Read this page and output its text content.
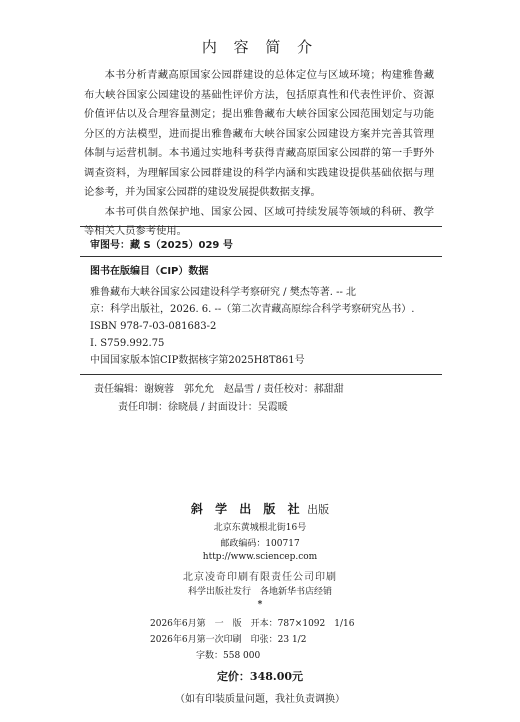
内 容 简 介

本书分析青藏高原国家公园群建设的总体定位与区域环境；构建雅鲁藏布大峡谷国家公园建设的基础性评价方法，包括原真性和代表性评价、资源价值评估以及合理容量测定；提出雅鲁藏布大峡谷国家公园范围划定与功能分区的方法模型，进而提出雅鲁藏布大峡谷国家公园建设方案并完善其管理体制与运营机制。本书通过实地科考获得青藏高原国家公园群的第一手野外调查资料，为理解国家公园群建设的科学内涵和实践建设提供基础依据与理论参考，并为国家公园群的建设发展提供数据支撑。

本书可供自然保护地、国家公园、区域可持续发展等领域的科研、教学等相关人员参考使用。

审图号：藏 S（2025）029 号
图书在版编目（CIP）数据
雅鲁藏布大峡谷国家公园建设科学考察研究 / 樊杰等著. -- 北
京：科学出版社，2026. 6. --（第二次青藏高原综合科学考察研究丛书）.
ISBN 978-7-03-081683-2
Ⅰ. S759.992.75
中国国家版本馆CIP数据核字第2025H8T861号
责任编辑：谢婉蓉　郭允允　赵晶雪 / 责任校对：郝甜甜
责任印制：徐晓晨 / 封面设计：吴霞暖
斜 学 出 版 社 出版
北京东黄城根北街16号
邮政编码：100717
http://www.sciencep.com
北京凌奇印刷有限责任公司印刷
科学出版社发行　各地新华书店经销
*
2026年6月第　一　版　开本：787×1092　1/16
2026年6月第一次印刷　印张：23 1/2
字数：558 000
定价：348.00元
（如有印装质量问题，我社负责调换）
